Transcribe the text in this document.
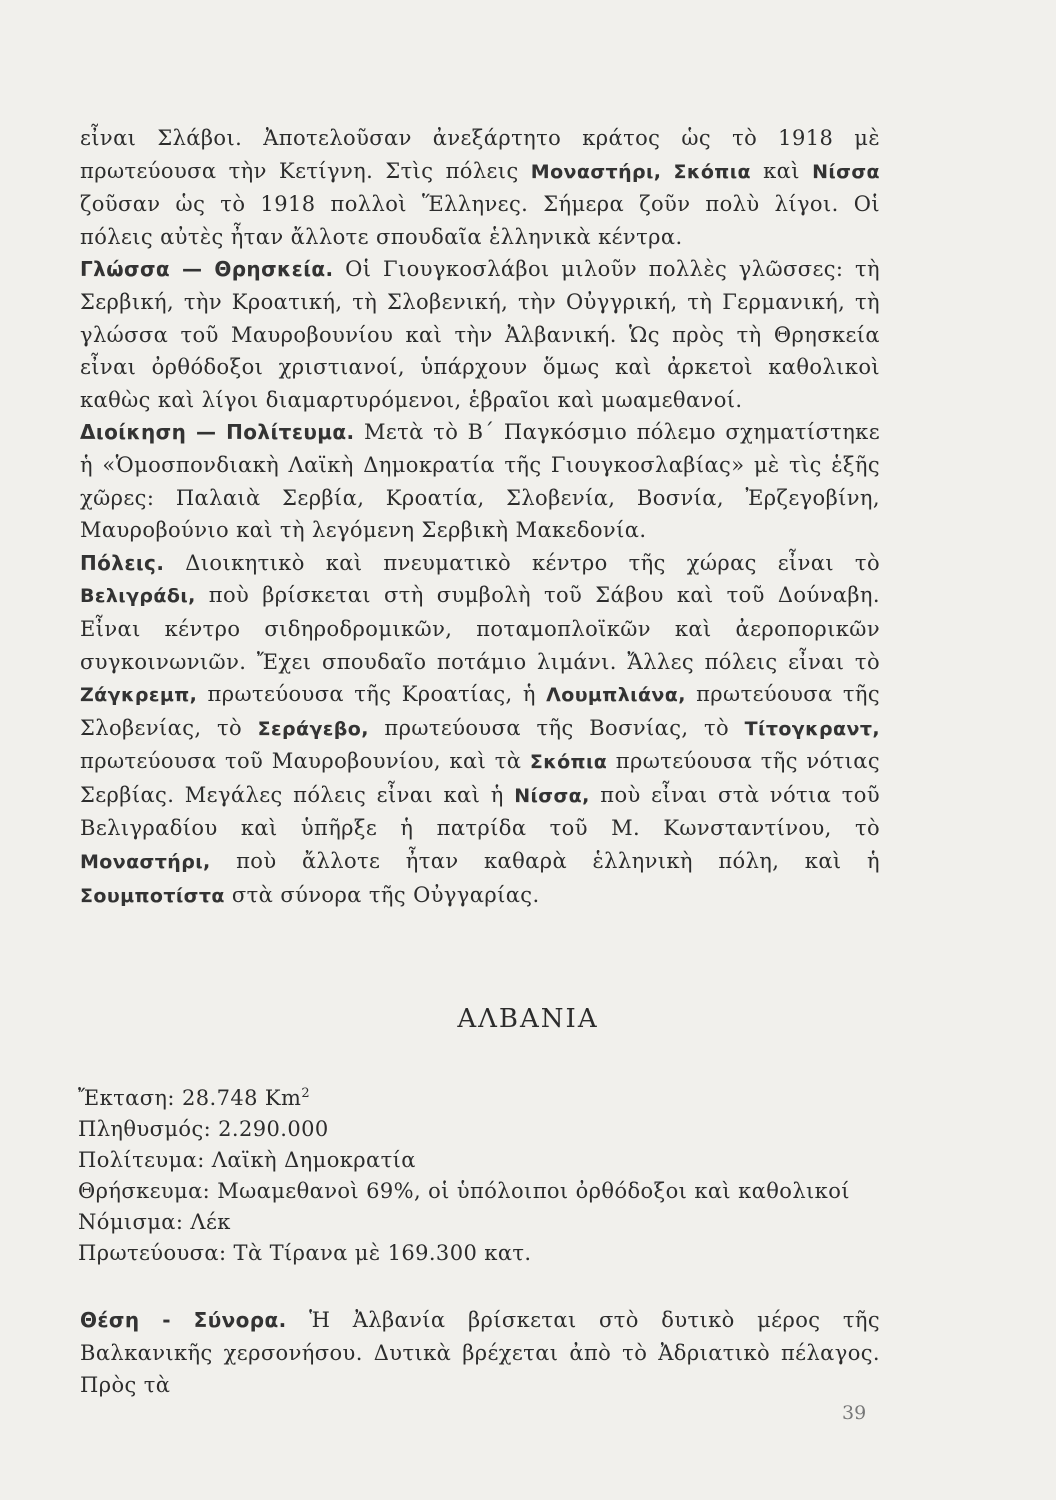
εἶναι Σλάβοι. Ἀποτελοῦσαν ἀνεξάρτητο κράτος ὡς τὸ 1918 μὲ πρωτεύουσα τὴν Κετίγνη. Στὶς πόλεις Μοναστήρι, Σκόπια καὶ Νίσσα ζοῦσαν ὡς τὸ 1918 πολλοὶ Ἕλληνες. Σήμερα ζοῦν πολὺ λίγοι. Οἱ πόλεις αὐτὲς ἦταν ἄλλοτε σπουδαῖα ἑλληνικὰ κέντρα.

Γλώσσα — Θρησκεία. Οἱ Γιουγκοσλάβοι μιλοῦν πολλὲς γλῶσσες: τὴ Σερβική, τὴν Κροατική, τὴ Σλοβενική, τὴν Οὐγγρική, τὴ Γερμανική, τὴ γλώσσα τοῦ Μαυροβουνίου καὶ τὴν Ἀλβανική. Ὡς πρὸς τὴ Θρησκεία εἶναι ὀρθόδοξοι χριστιανοί, ὑπάρχουν ὅμως καὶ ἀρκετοὶ καθολικοὶ καθὼς καὶ λίγοι διαμαρτυρόμενοι, ἑβραῖοι καὶ μωαμεθανοί.

Διοίκηση — Πολίτευμα. Μετὰ τὸ Β΄ Παγκόσμιο πόλεμο σχηματίστηκε ἡ «Ὁμοσπονδιακὴ Λαϊκὴ Δημοκρατία τῆς Γιουγκοσλαβίας» μὲ τὶς ἑξῆς χῶρες: Παλαιὰ Σερβία, Κροατία, Σλοβενία, Βοσνία, Ἐρζεγοβίνη, Μαυροβούνιο καὶ τὴ λεγόμενη Σερβικὴ Μακεδονία.

Πόλεις. Διοικητικὸ καὶ πνευματικὸ κέντρο τῆς χώρας εἶναι τὸ Βελιγράδι, ποὺ βρίσκεται στὴ συμβολὴ τοῦ Σάβου καὶ τοῦ Δούναβη. Εἶναι κέντρο σιδηροδρομικῶν, ποταμοπλοϊκῶν καὶ ἀεροπορικῶν συγκοινωνιῶν. Ἔχει σπουδαῖο ποτάμιο λιμάνι. Ἄλλες πόλεις εἶναι τὸ Ζάγκρεμπ, πρωτεύουσα τῆς Κροατίας, ἡ Λουμπλιάνα, πρωτεύουσα τῆς Σλοβενίας, τὸ Σεράγεβο, πρωτεύουσα τῆς Βοσνίας, τὸ Τίτογκραντ, πρωτεύουσα τοῦ Μαυροβουνίου, καὶ τὰ Σκόπια πρωτεύουσα τῆς νότιας Σερβίας. Μεγάλες πόλεις εἶναι καὶ ἡ Νίσσα, ποὺ εἶναι στὰ νότια τοῦ Βελιγραδίου καὶ ὑπῆρξε ἡ πατρίδα τοῦ Μ. Κωνσταντίνου, τὸ Μοναστήρι, ποὺ ἄλλοτε ἦταν καθαρὰ ἑλληνικὴ πόλη, καὶ ἡ Σουμποτίστα στὰ σύνορα τῆς Οὐγγαρίας.

ΑΛΒΑΝΙΑ
Ἔκταση: 28.748 Km$^2$
Πληθυσμός: 2.290.000
Πολίτευμα: Λαϊκὴ Δημοκρατία
Θρήσκευμα: Μωαμεθανοὶ 69%, οἱ ὑπόλοιποι ὀρθόδοξοι καὶ καθολικοί
Νόμισμα: Λέκ
Πρωτεύουσα: Τὰ Τίρανα μὲ 169.300 κατ.

Θέση - Σύνορα. Ἡ Ἀλβανία βρίσκεται στὸ δυτικὸ μέρος τῆς Βαλκανικῆς χερσονήσου. Δυτικὰ βρέχεται ἀπὸ τὸ Ἀδριατικὸ πέλαγος. Πρὸς τὰ

39
